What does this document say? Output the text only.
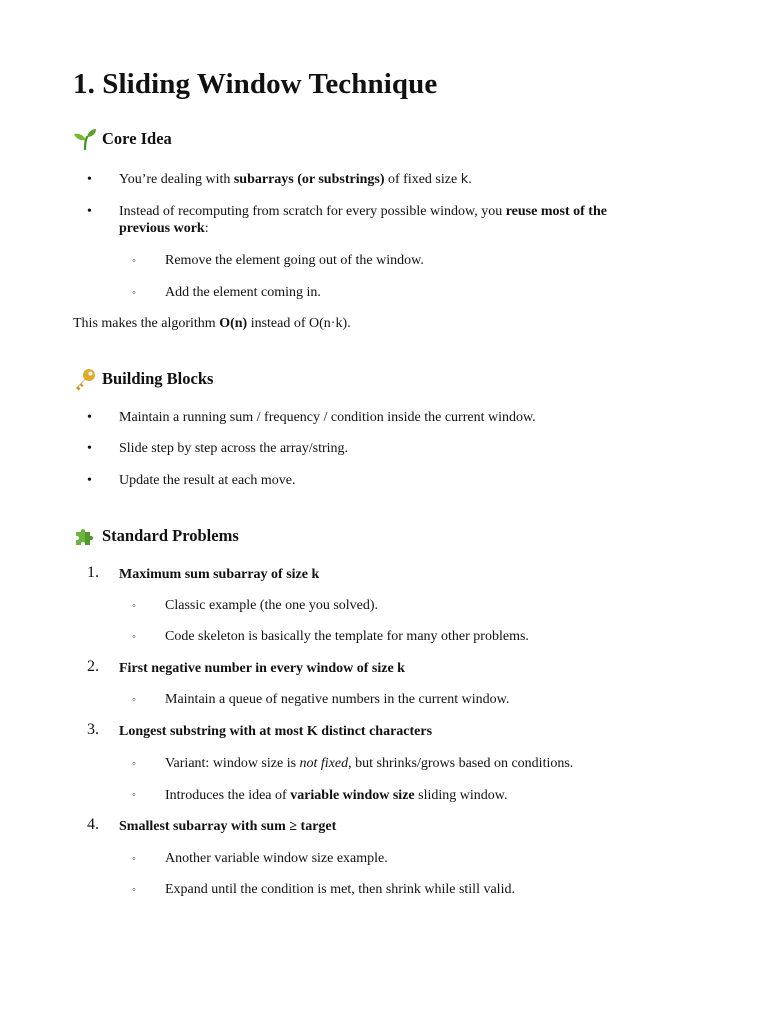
1. Sliding Window Technique
Core Idea
• You’re dealing with subarrays (or substrings) of fixed size k.
• Instead of recomputing from scratch for every possible window, you reuse most of the
previous work:
◦ Remove the element going out of the window.
◦ Add the element coming in.
This makes the algorithm O(n) instead of O(n·k).
Building Blocks
• Maintain a running sum / frequency / condition inside the current window.
• Slide step by step across the array/string.
• Update the result at each move.
Standard Problems
1. Maximum sum subarray of size k
◦ Classic example (the one you solved).
◦ Code skeleton is basically the template for many other problems.
2. First negative number in every window of size k
◦ Maintain a queue of negative numbers in the current window.
3. Longest substring with at most K distinct characters
◦ Variant: window size is not fixed, but shrinks/grows based on conditions.
◦ Introduces the idea of variable window size sliding window.
4. Smallest subarray with sum ≥ target
◦ Another variable window size example.
◦ Expand until the condition is met, then shrink while still valid.
